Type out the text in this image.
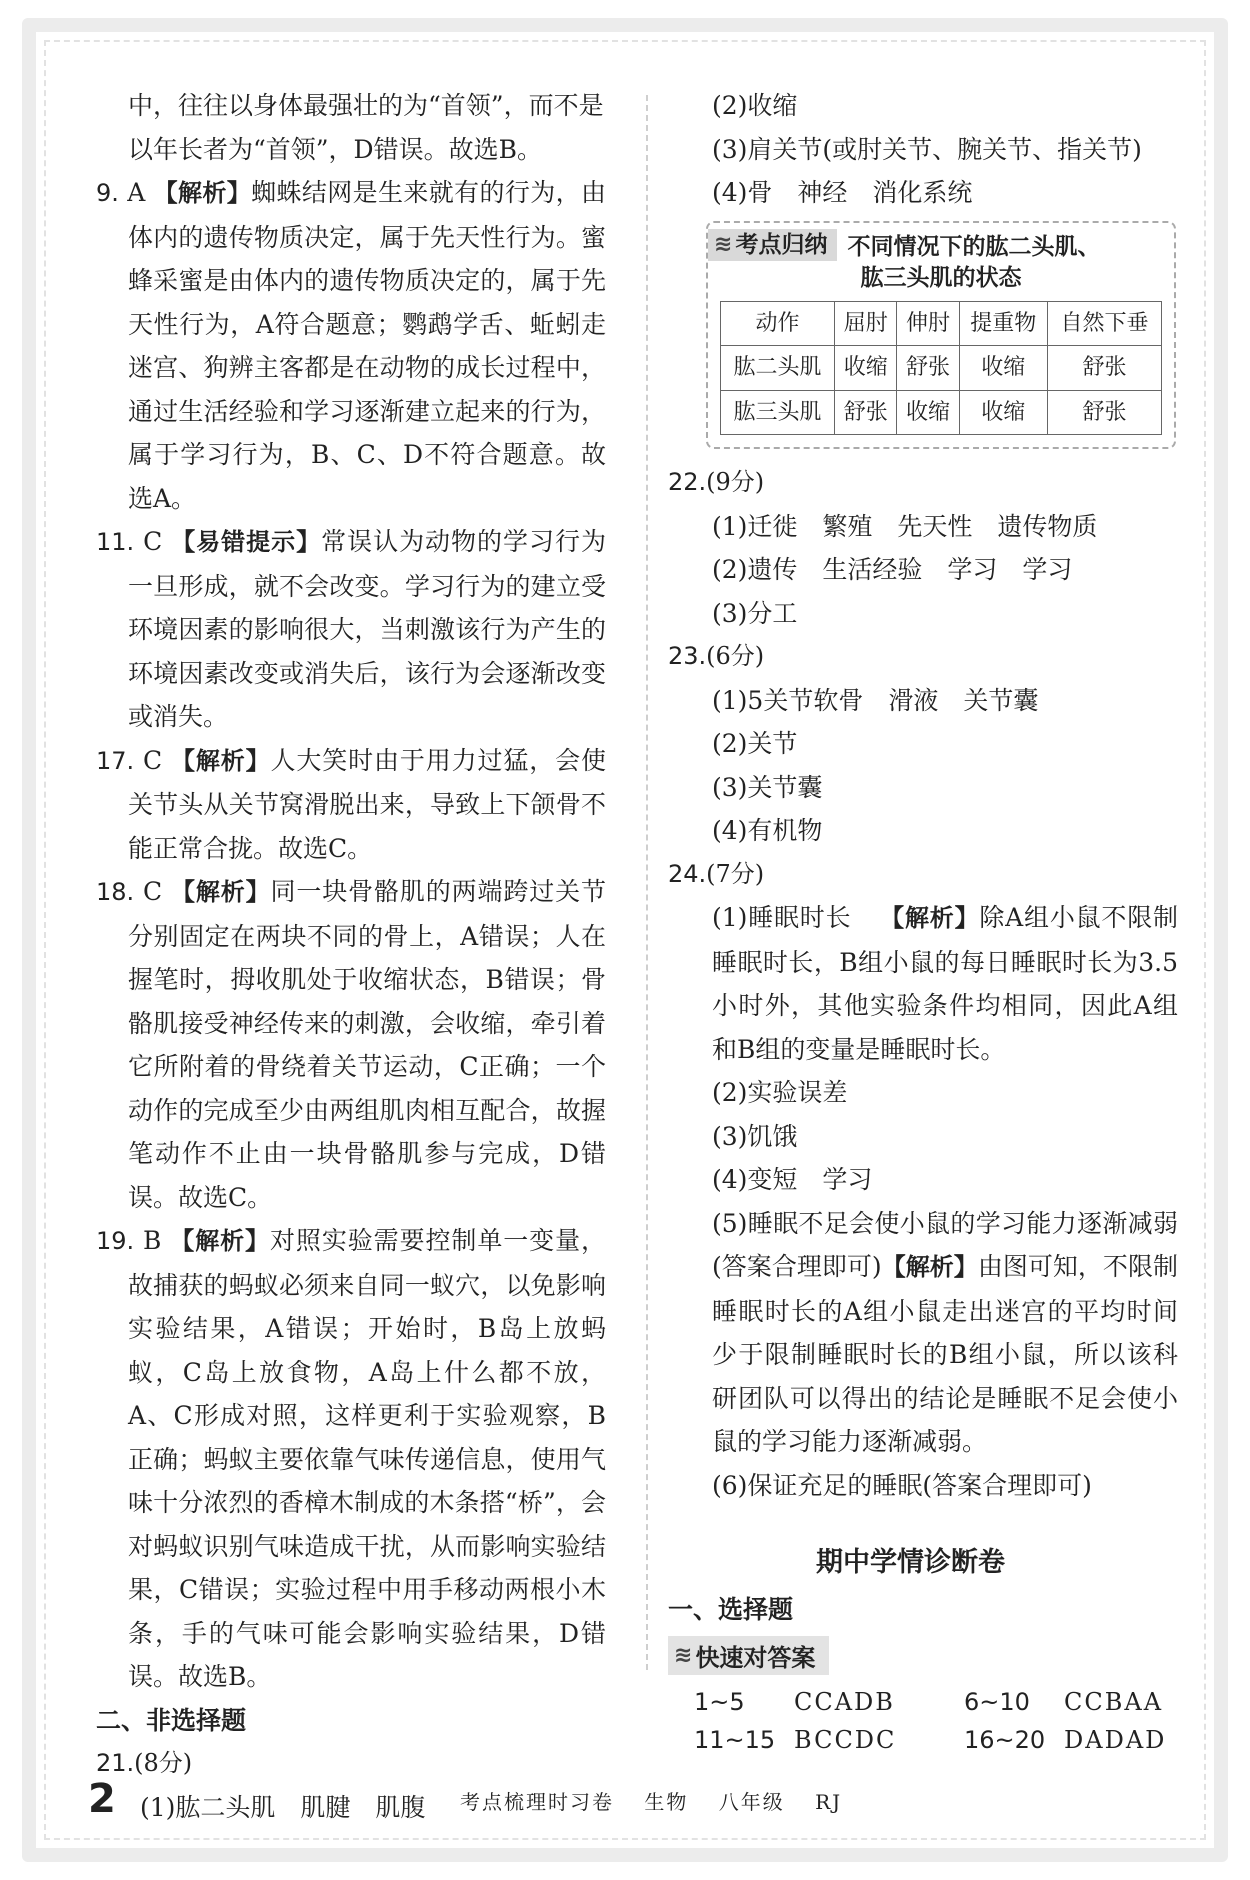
中，往往以身体最强壮的为“首领”，而不是

以年长者为“首领”，D错误。故选B。

9. A 【解析】蜘蛛结网是生来就有的行为，由体内的遗传物质决定，属于先天性行为。蜜蜂采蜜是由体内的遗传物质决定的，属于先天性行为，A符合题意；鹦鹉学舌、蚯蚓走迷宫、狗辨主客都是在动物的成长过程中，通过生活经验和学习逐渐建立起来的行为，属于学习行为，B、C、D不符合题意。故选A。

11. C 【易错提示】常误认为动物的学习行为一旦形成，就不会改变。学习行为的建立受环境因素的影响很大，当刺激该行为产生的环境因素改变或消失后，该行为会逐渐改变或消失。

17. C 【解析】人大笑时由于用力过猛，会使关节头从关节窝滑脱出来，导致上下颌骨不能正常合拢。故选C。

18. C 【解析】同一块骨骼肌的两端跨过关节分别固定在两块不同的骨上，A错误；人在握笔时，拇收肌处于收缩状态，B错误；骨骼肌接受神经传来的刺激，会收缩，牵引着它所附着的骨绕着关节运动，C正确；一个动作的完成至少由两组肌肉相互配合，故握笔动作不止由一块骨骼肌参与完成，D错误。故选C。

19. B 【解析】对照实验需要控制单一变量，故捕获的蚂蚁必须来自同一蚁穴，以免影响实验结果，A错误；开始时，B岛上放蚂蚁，C岛上放食物，A岛上什么都不放，A、C形成对照，这样更利于实验观察，B正确；蚂蚁主要依靠气味传递信息，使用气味十分浓烈的香樟木制成的木条搭“桥”，会对蚂蚁识别气味造成干扰，从而影响实验结果，C错误；实验过程中用手移动两根小木条，手的气味可能会影响实验结果，D错误。故选B。

二、非选择题

21.(8分)

(1)肱二头肌　肌腱　肌腹

(2)收缩

(3)肩关节(或肘关节、腕关节、指关节)

(4)骨　神经　消化系统

≋ 考点归纳 不同情况下的肱二头肌、
肱三头肌的状态
动作	屈肘	伸肘	提重物	自然下垂
肱二头肌	收缩	舒张	收缩	舒张
肱三头肌	舒张	收缩	收缩	舒张

22.(9分)

(1)迁徙　繁殖　先天性　遗传物质

(2)遗传　生活经验　学习　学习

(3)分工

23.(6分)

(1)5关节软骨　滑液　关节囊

(2)关节

(3)关节囊

(4)有机物

24.(7分)

(1)睡眠时长 【解析】除A组小鼠不限制睡眠时长，B组小鼠的每日睡眠时长为3.5小时外，其他实验条件均相同，因此A组和B组的变量是睡眠时长。

(2)实验误差

(3)饥饿

(4)变短　学习

(5)睡眠不足会使小鼠的学习能力逐渐减弱(答案合理即可)【解析】由图可知，不限制睡眠时长的A组小鼠走出迷宫的平均时间少于限制睡眠时长的B组小鼠，所以该科研团队可以得出的结论是睡眠不足会使小鼠的学习能力逐渐减弱。

(6)保证充足的睡眠(答案合理即可)

期中学情诊断卷
一、选择题
≋ 快速对答案
1~5	CCADB	6~10	CCBAA
11~15 BCCDC	16~20 DADAD
2	考点梳理时习卷 生物 八年级 RJ
